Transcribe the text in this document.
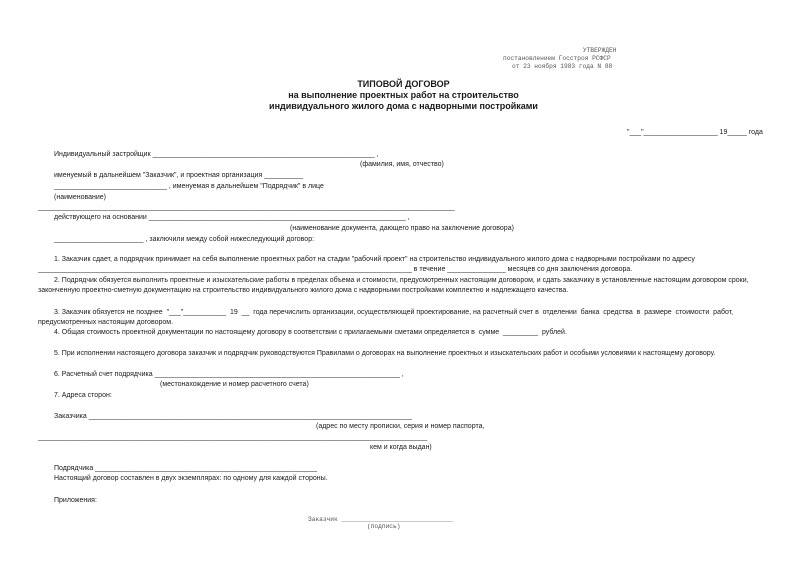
УТВЕРЖДЕН
постановлением Госстроя РСФСР
от 23 ноября 1983 года N 88
ТИПОВОЙ ДОГОВОР
на выполнение проектных работ на строительство
индивидуального жилого дома с надворными постройками
"___"___________________ 19_____ года
Индивидуальный застройщик _________________________________________________________ ,
(фамилия, имя, отчество)
именуемый в дальнейшем "Заказчик", и проектная организация __________
_____________________________ , именуемая в дальнейшем "Подрядчик" в лице
(наименование)
___________________________________________________________________________________________________________
действующего на основании __________________________________________________________________ ,
(наименование документа, дающего право на заключение договора)
_______________________ , заключили между собой нижеследующий договор:
1. Заказчик сдает, а подрядчик принимает на себя выполнение проектных работ на стадии "рабочий проект" на строительство индивидуального жилого дома с надворными постройками по адресу
________________________________________________________________________________________________ в течение _______________ месяцев со дня заключения договора.
2. Подрядчик обязуется выполнить проектные и изыскательские работы в пределах объема и стоимости, предусмотренных настоящим договором, и сдать заказчику в установленные настоящим договором сроки,
законченную проектно-сметную документацию на строительство индивидуального жилого дома с надворными постройками комплектно и надлежащего качества.
3. Заказчик обязуется не позднее  "___"___________  19  __  года перечислить организации, осуществляющей проектирование, на расчетный счет в  отделении  банка  средства  в  размере  стоимости  работ,
предусмотренных настоящим договором.
4. Общая стоимость проектной документации по настоящему договору в соответствии с прилагаемыми сметами определяется в  сумме  _________  рублей.
5. При исполнении настоящего договора заказчик и подрядчик руководствуются Правилами о договорах на выполнение проектных и изыскательских работ и особыми условиями к настоящему договору.
6. Расчетный счет подрядчика _______________________________________________________________ ,
(местонахождение и номер расчетного счета)
7. Адреса сторон:
Заказчика ___________________________________________________________________________________
(адрес по месту прописки, серия и номер паспорта,
____________________________________________________________________________________________________
кем и когда выдан)
Подрядчика _________________________________________________________
Настоящий договор составлен в двух экземплярах: по одному для каждой стороны.
Приложения:
Заказчик ______________________________
(подпись)
